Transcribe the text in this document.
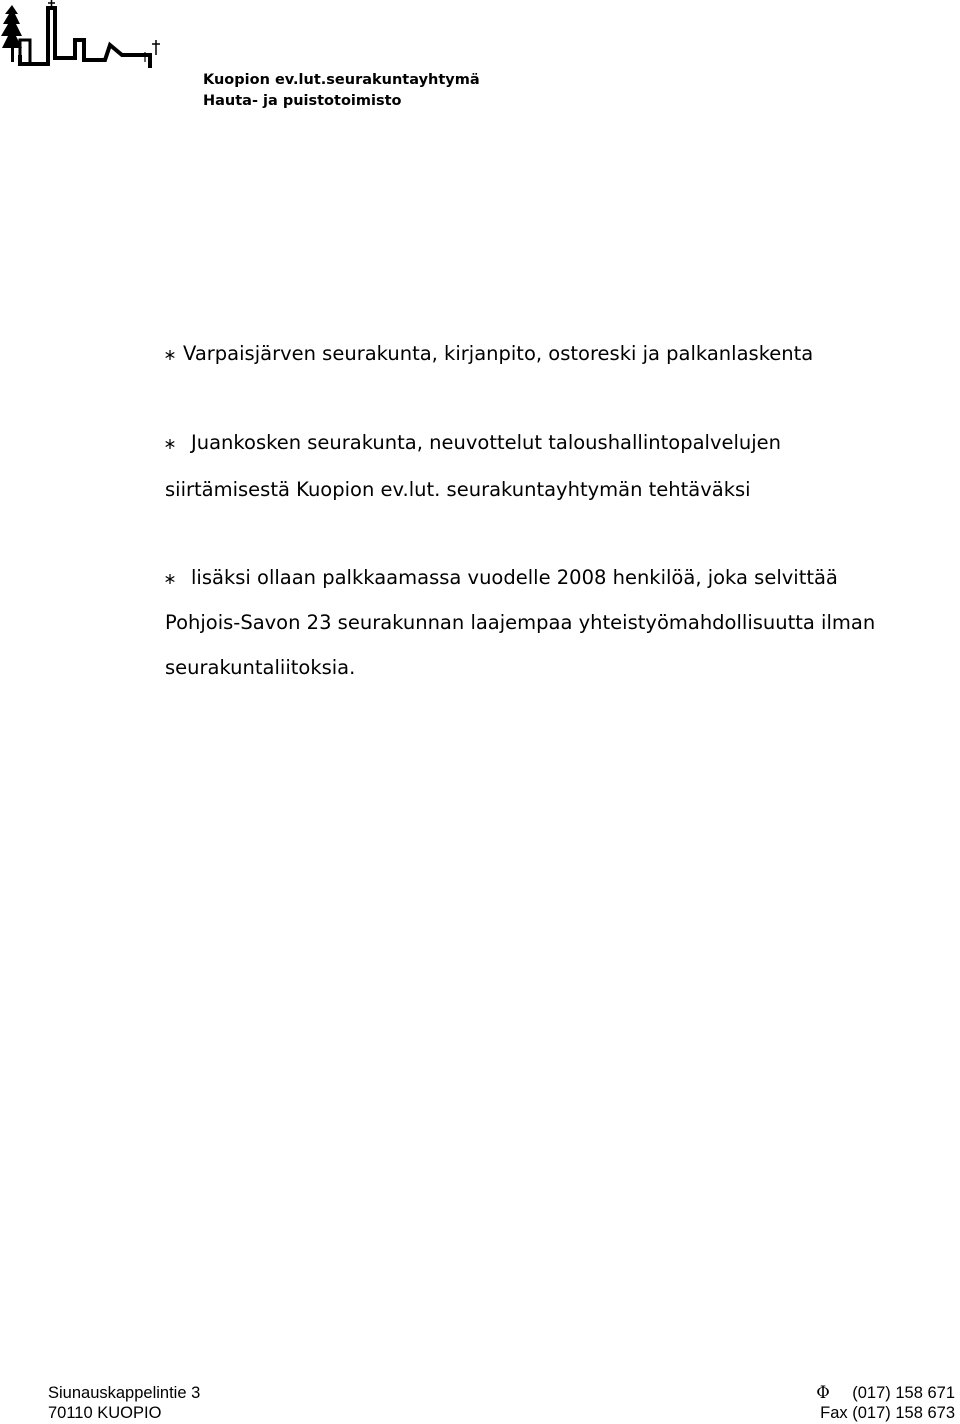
Kuopion ev.lut.seurakuntayhtymä
Hauta- ja puistotoimisto
Varpaisjärven seurakunta, kirjanpito, ostoreski ja palkanlaskenta
Juankosken seurakunta, neuvottelut taloushallintopalvelujen
siirtämisestä Kuopion ev.lut. seurakuntayhtymän tehtäväksi
lisäksi ollaan palkkaamassa vuodelle 2008 henkilöä, joka selvittää
Pohjois-Savon 23 seurakunnan laajempaa yhteistyömahdollisuutta ilman
seurakuntaliitoksia.
Siunauskappelintie 3
70110 KUOPIO
Φ	(017) 158 671
Fax (017) 158 673
